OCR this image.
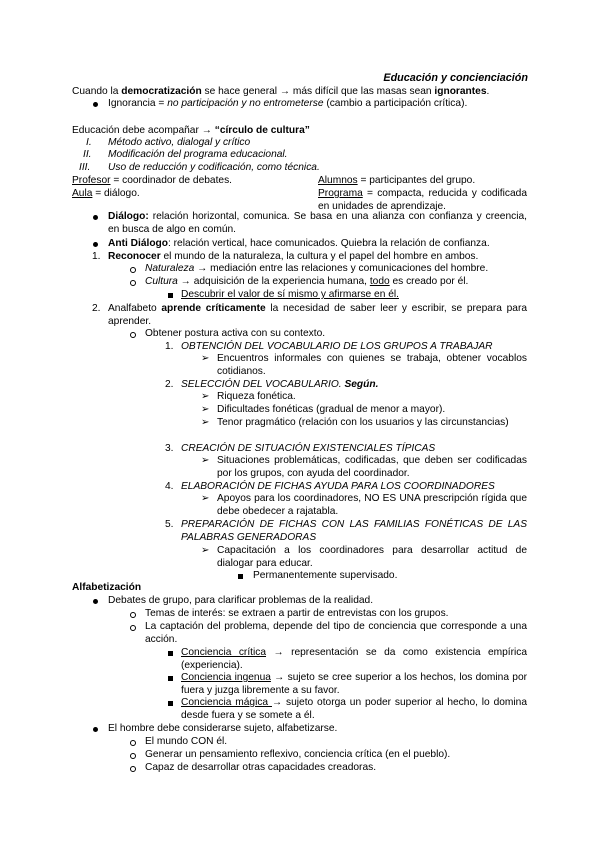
Educación y concienciación
Cuando la democratización se hace general → más difícil que las masas sean ignorantes.
Ignorancia = no participación y no entrometerse (cambio a participación crítica).
Educación debe acompañar → “círculo de cultura”
I. Método activo, dialogal y crítico
II. Modificación del programa educacional.
III. Uso de reducción y codificación, como técnica.
Profesor = coordinador de debates.
Aula = diálogo.
Alumnos = participantes del grupo.
Programa = compacta, reducida y codificada en unidades de aprendizaje.
Diálogo: relación horizontal, comunica. Se basa en una alianza con confianza y creencia, en busca de algo en común.
Anti Diálogo: relación vertical, hace comunicados. Quiebra la relación de confianza.
1. Reconocer el mundo de la naturaleza, la cultura y el papel del hombre en ambos.
Naturaleza → mediación entre las relaciones y comunicaciones del hombre.
Cultura → adquisición de la experiencia humana, todo es creado por él.
Descubrir el valor de sí mismo y afirmarse en él.
2. Analfabeto aprende críticamente la necesidad de saber leer y escribir, se prepara para aprender.
Obtener postura activa con su contexto.
1. OBTENCIÓN DEL VOCABULARIO DE LOS GRUPOS A TRABAJAR
➢ Encuentros informales con quienes se trabaja, obtener vocablos cotidianos.
2. SELECCIÓN DEL VOCABULARIO. Según.
➢ Riqueza fonética.
➢ Dificultades fonéticas (gradual de menor a mayor).
➢ Tenor pragmático (relación con los usuarios y las circunstancias)
3. CREACIÓN DE SITUACIÓN EXISTENCIALES TÍPICAS
➢ Situaciones problemáticas, codificadas, que deben ser codificadas por los grupos, con ayuda del coordinador.
4. ELABORACIÓN DE FICHAS AYUDA PARA LOS COORDINADORES
➢ Apoyos para los coordinadores, NO ES UNA prescripción rígida que debe obedecer a rajatabla.
5. PREPARACIÓN DE FICHAS CON LAS FAMILIAS FONÉTICAS DE LAS PALABRAS GENERADORAS
➢ Capacitación a los coordinadores para desarrollar actitud de dialogar para educar.
Permanentemente supervisado.
Alfabetización
Debates de grupo, para clarificar problemas de la realidad.
Temas de interés: se extraen a partir de entrevistas con los grupos.
La captación del problema, depende del tipo de conciencia que corresponde a una acción.
Conciencia crítica → representación se da como existencia empírica (experiencia).
Conciencia ingenua → sujeto se cree superior a los hechos, los domina por fuera y juzga libremente a su favor.
Conciencia mágica → sujeto otorga un poder superior al hecho, lo domina desde fuera y se somete a él.
El hombre debe considerarse sujeto, alfabetizarse.
El mundo CON él.
Generar un pensamiento reflexivo, conciencia crítica (en el pueblo).
Capaz de desarrollar otras capacidades creadoras.
